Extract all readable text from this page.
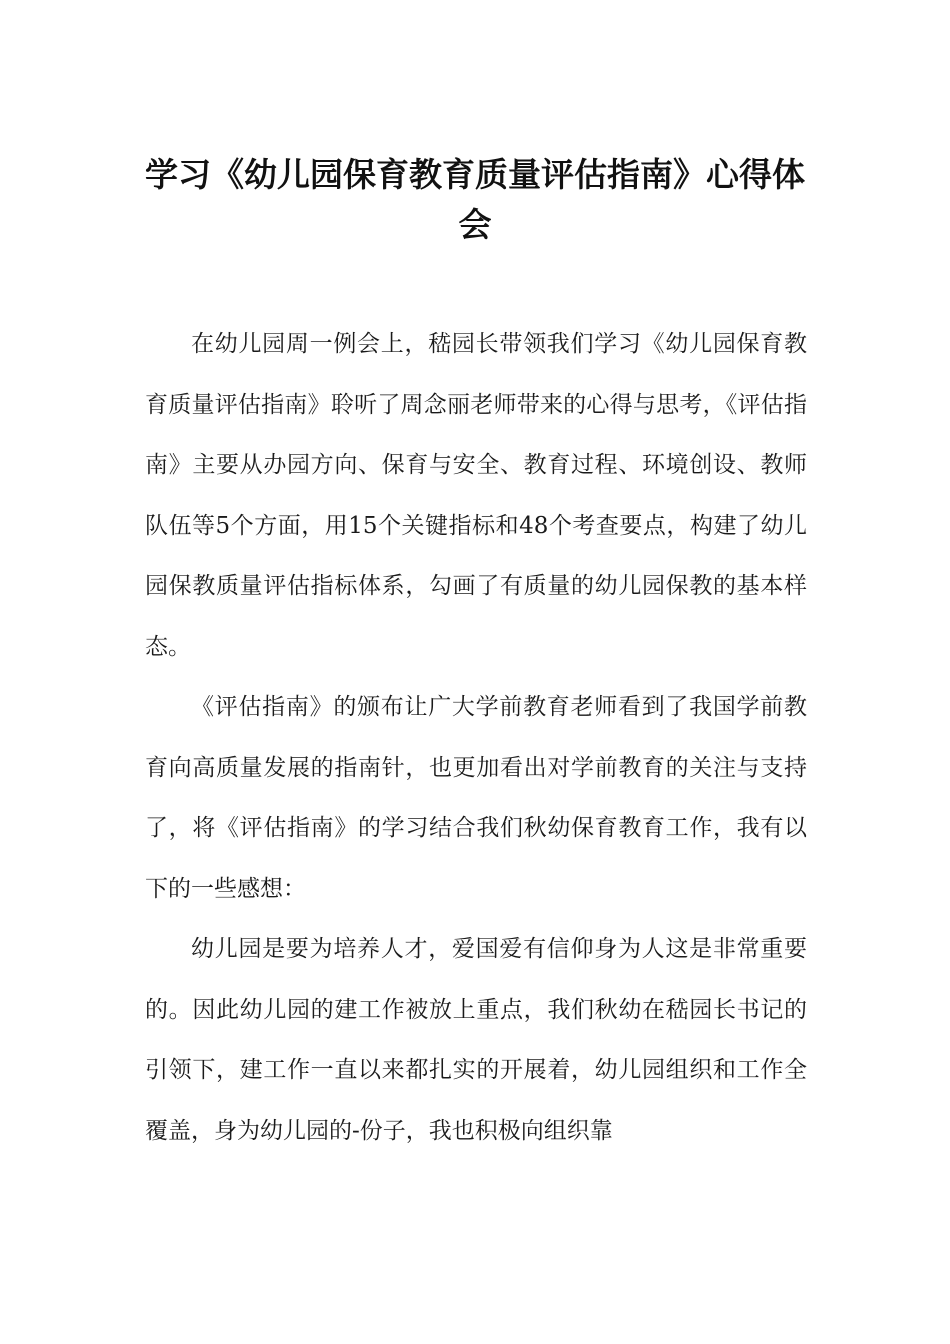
学习《幼儿园保育教育质量评估指南》心得体会

在幼儿园周一例会上，嵇园长带领我们学习《幼儿园保育教育质量评估指南》聆听了周念丽老师带来的心得与思考，《评估指南》主要从办园方向、保育与安全、教育过程、环境创设、教师队伍等5个方面，用15个关键指标和48个考查要点，构建了幼儿园保教质量评估指标体系，勾画了有质量的幼儿园保教的基本样态。

《评估指南》的颁布让广大学前教育老师看到了我国学前教育向高质量发展的指南针，也更加看出对学前教育的关注与支持了，将《评估指南》的学习结合我们秋幼保育教育工作，我有以下的一些感想：

幼儿园是要为培养人才，爱国爱有信仰身为人这是非常重要的。因此幼儿园的建工作被放上重点，我们秋幼在嵇园长书记的引领下，建工作一直以来都扎实的开展着，幼儿园组织和工作全覆盖，身为幼儿园的-份子，我也积极向组织靠
